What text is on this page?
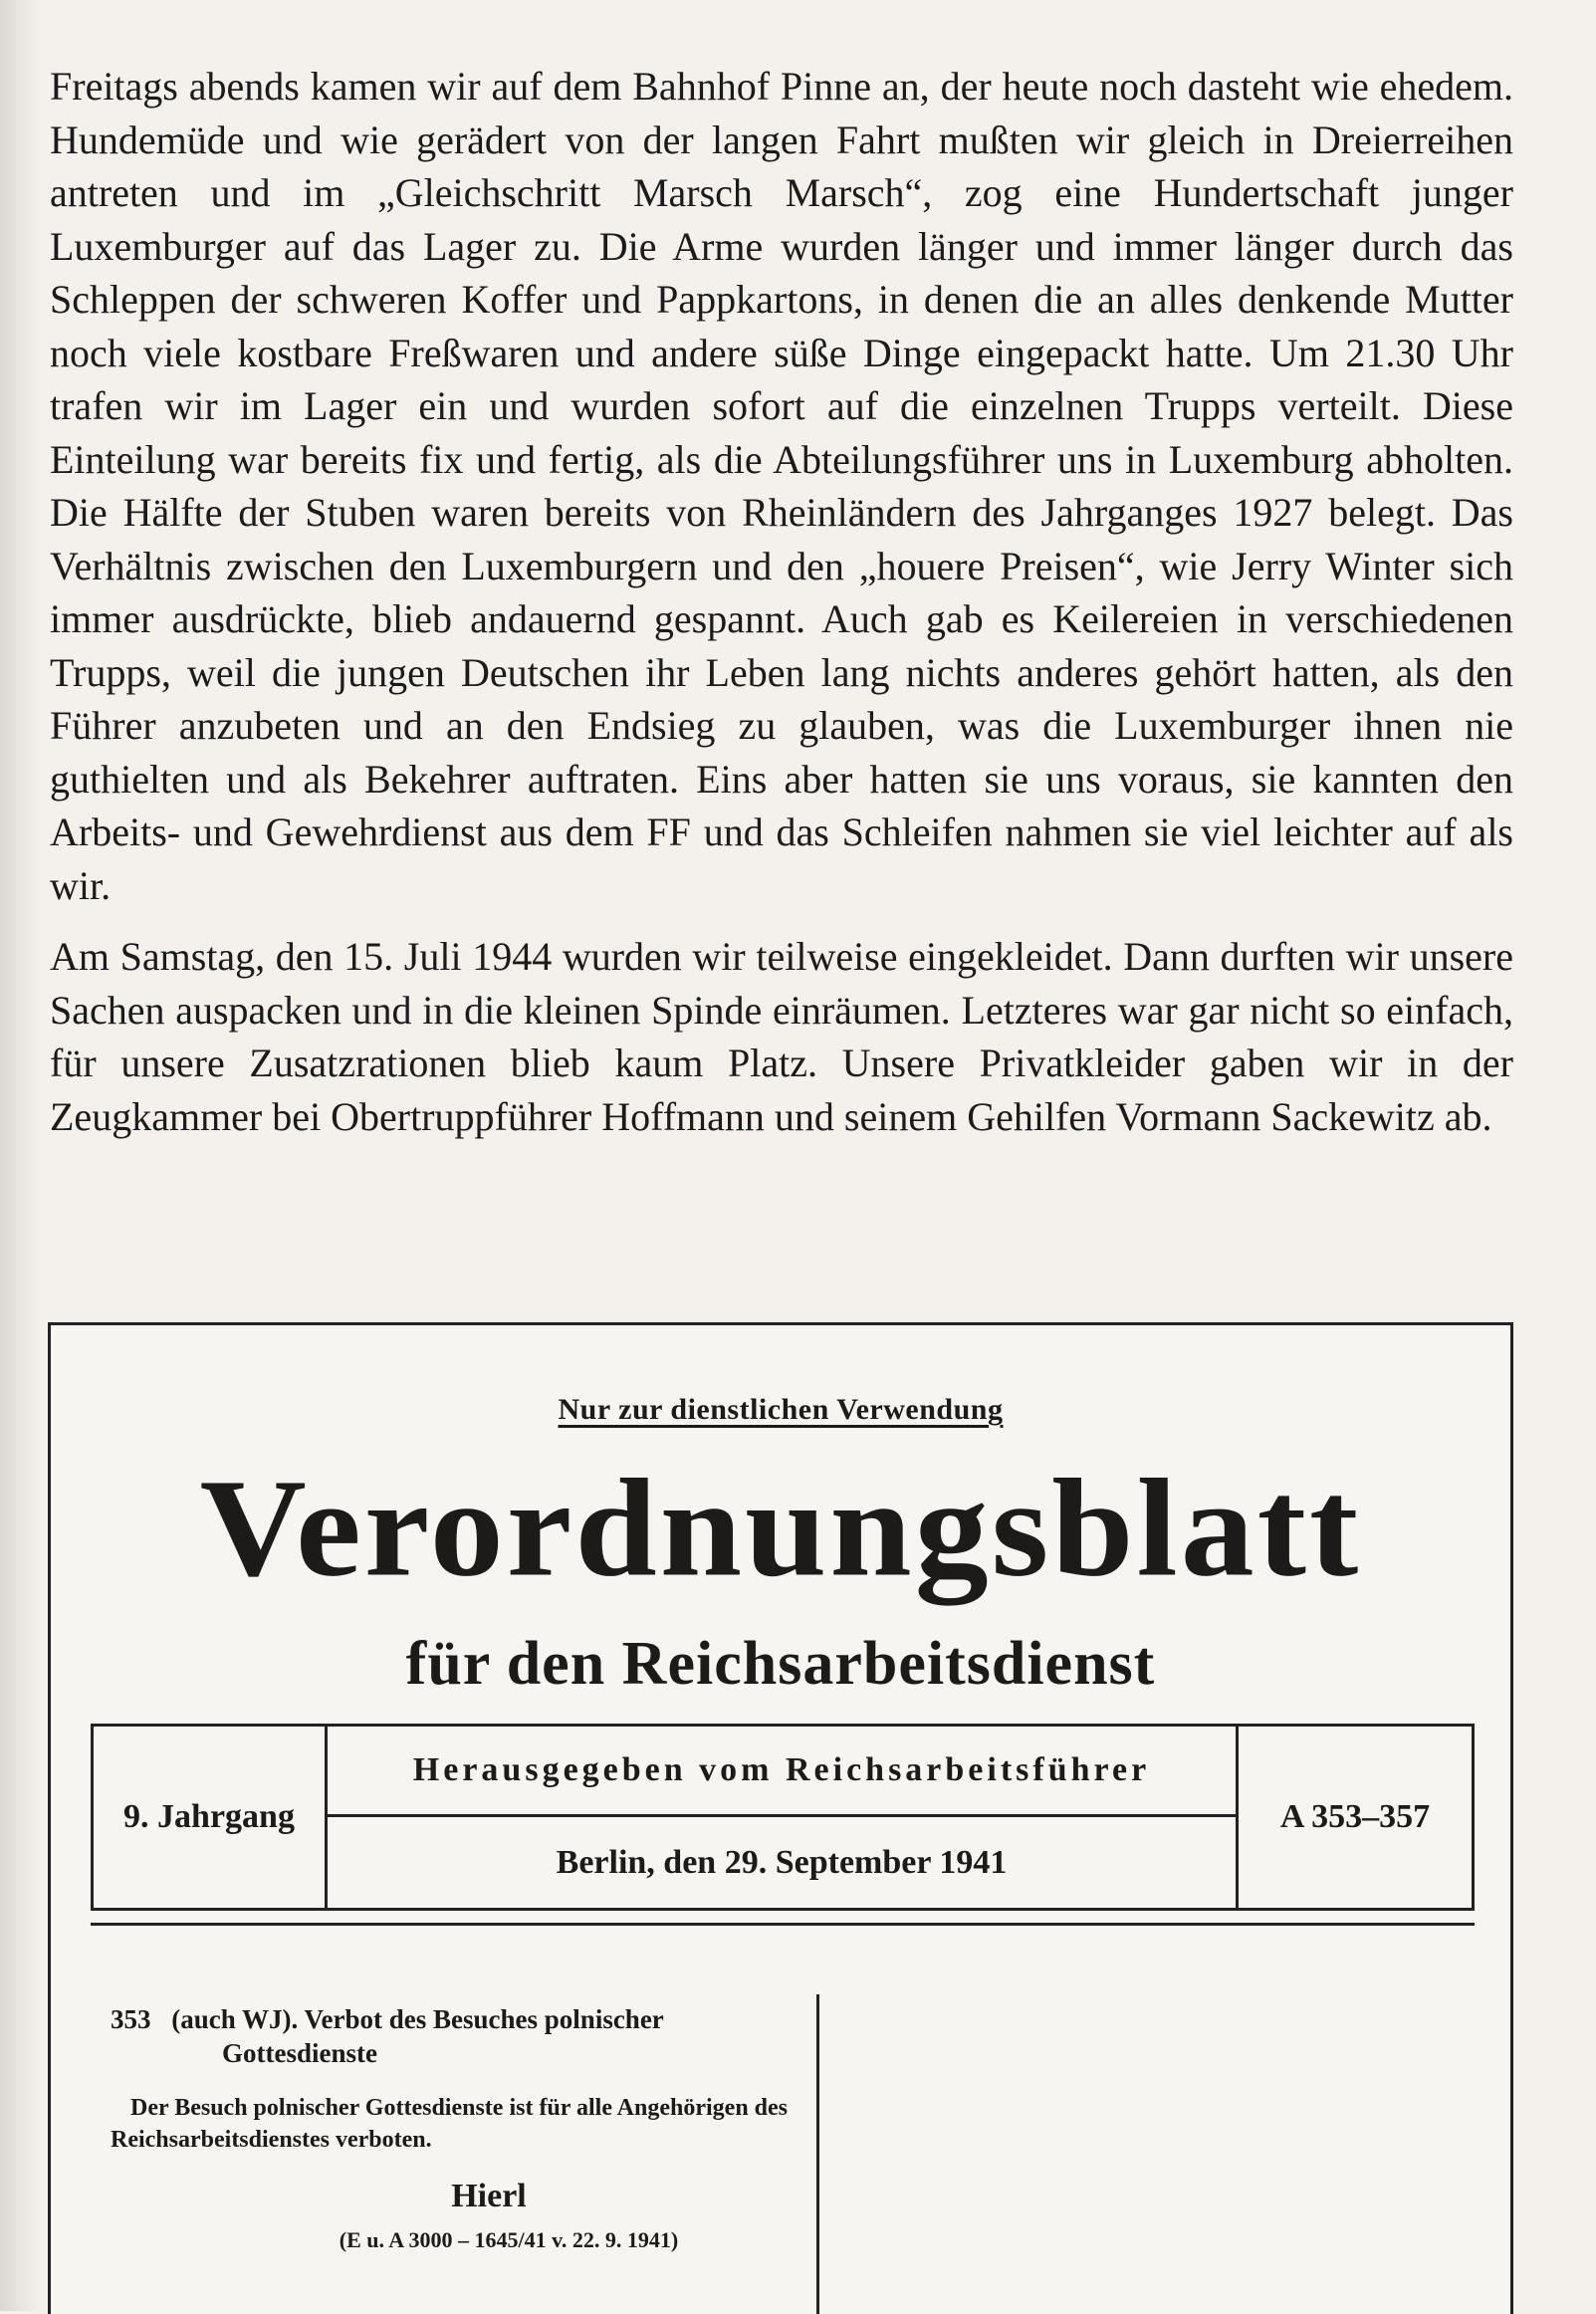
Freitags abends kamen wir auf dem Bahnhof Pinne an, der heute noch dasteht wie ehedem. Hundemüde und wie gerädert von der langen Fahrt mußten wir gleich in Dreierreihen antreten und im „Gleichschritt Marsch Marsch“, zog eine Hundertschaft junger Luxemburger auf das Lager zu. Die Arme wurden länger und immer länger durch das Schleppen der schweren Koffer und Pappkartons, in denen die an alles denkende Mutter noch viele kostbare Freßwaren und andere süße Dinge eingepackt hatte. Um 21.30 Uhr trafen wir im Lager ein und wurden sofort auf die einzelnen Trupps verteilt. Diese Einteilung war bereits fix und fertig, als die Abteilungsführer uns in Luxemburg abholten. Die Hälfte der Stuben waren bereits von Rheinländern des Jahrganges 1927 belegt. Das Verhältnis zwischen den Luxemburgern und den „houere Preisen“, wie Jerry Winter sich immer ausdrückte, blieb andauernd gespannt. Auch gab es Keilereien in verschiedenen Trupps, weil die jungen Deutschen ihr Leben lang nichts anderes gehört hatten, als den Führer anzubeten und an den Endsieg zu glauben, was die Luxemburger ihnen nie guthielten und als Bekehrer auftraten. Eins aber hatten sie uns voraus, sie kannten den Arbeits- und Gewehrdienst aus dem FF und das Schleifen nahmen sie viel leichter auf als wir.

Am Samstag, den 15. Juli 1944 wurden wir teilweise eingekleidet. Dann durften wir unsere Sachen auspacken und in die kleinen Spinde einräumen. Letzteres war gar nicht so einfach, für unsere Zusatzrationen blieb kaum Platz. Unsere Privatkleider gaben wir in der Zeugkammer bei Obertruppführer Hoffmann und seinem Gehilfen Vormann Sackewitz ab.

Nur zur dienstlichen Verwendung
Verordnungsblatt
für den Reichsarbeitsdienst
9. Jahrgang
Herausgegeben vom Reichsarbeitsführer
Berlin, den 29. September 1941
A 353–357
353 (auch WJ). Verbot des Besuches polnischer
Gottesdienste
Der Besuch polnischer Gottesdienste ist für alle Angehörigen des Reichsarbeitsdienstes verboten.
Hierl
(E u. A 3000 – 1645/41 v. 22. 9. 1941)
